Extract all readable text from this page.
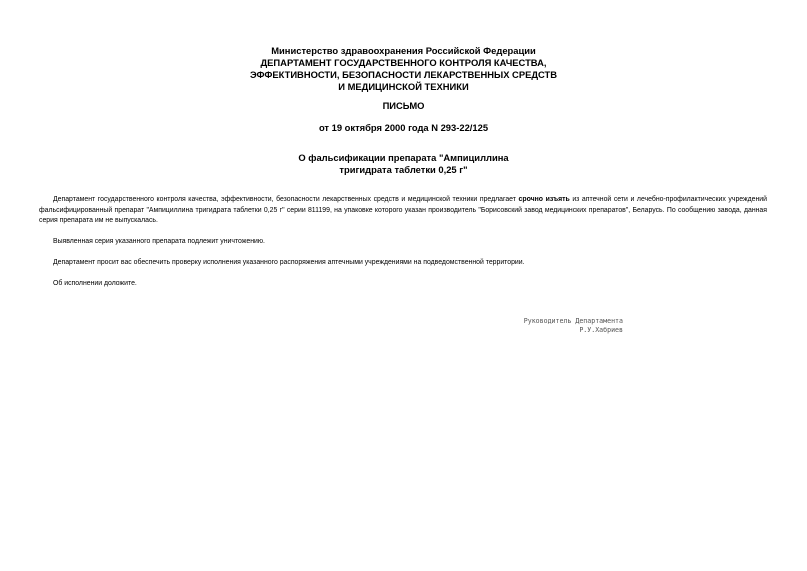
Министерство здравоохранения Российской Федерации
ДЕПАРТАМЕНТ ГОСУДАРСТВЕННОГО КОНТРОЛЯ КАЧЕСТВА,
ЭФФЕКТИВНОСТИ, БЕЗОПАСНОСТИ ЛЕКАРСТВЕННЫХ СРЕДСТВ
И МЕДИЦИНСКОЙ ТЕХНИКИ
ПИСЬМО
от 19 октября 2000 года N 293-22/125
О фальсификации препарата "Ампициллина
тригидрата таблетки 0,25 г"

Департамент государственного контроля качества, эффективности, безопасности лекарственных средств и медицинской техники предлагает срочно изъять из аптечной сети и лечебно-профилактических учреждений фальсифицированный препарат "Ампициллина тригидрата таблетки 0,25 г" серии 811199, на упаковке которого указан производитель "Борисовский завод медицинских препаратов", Беларусь. По сообщению завода, данная серия препарата им не выпускалась.

Выявленная серия указанного препарата подлежит уничтожению.

Департамент просит вас обеспечить проверку исполнения указанного распоряжения аптечными учреждениями на подведомственной территории.

Об исполнении доложите.

Руководитель Департамента
Р.У.Хабриев
